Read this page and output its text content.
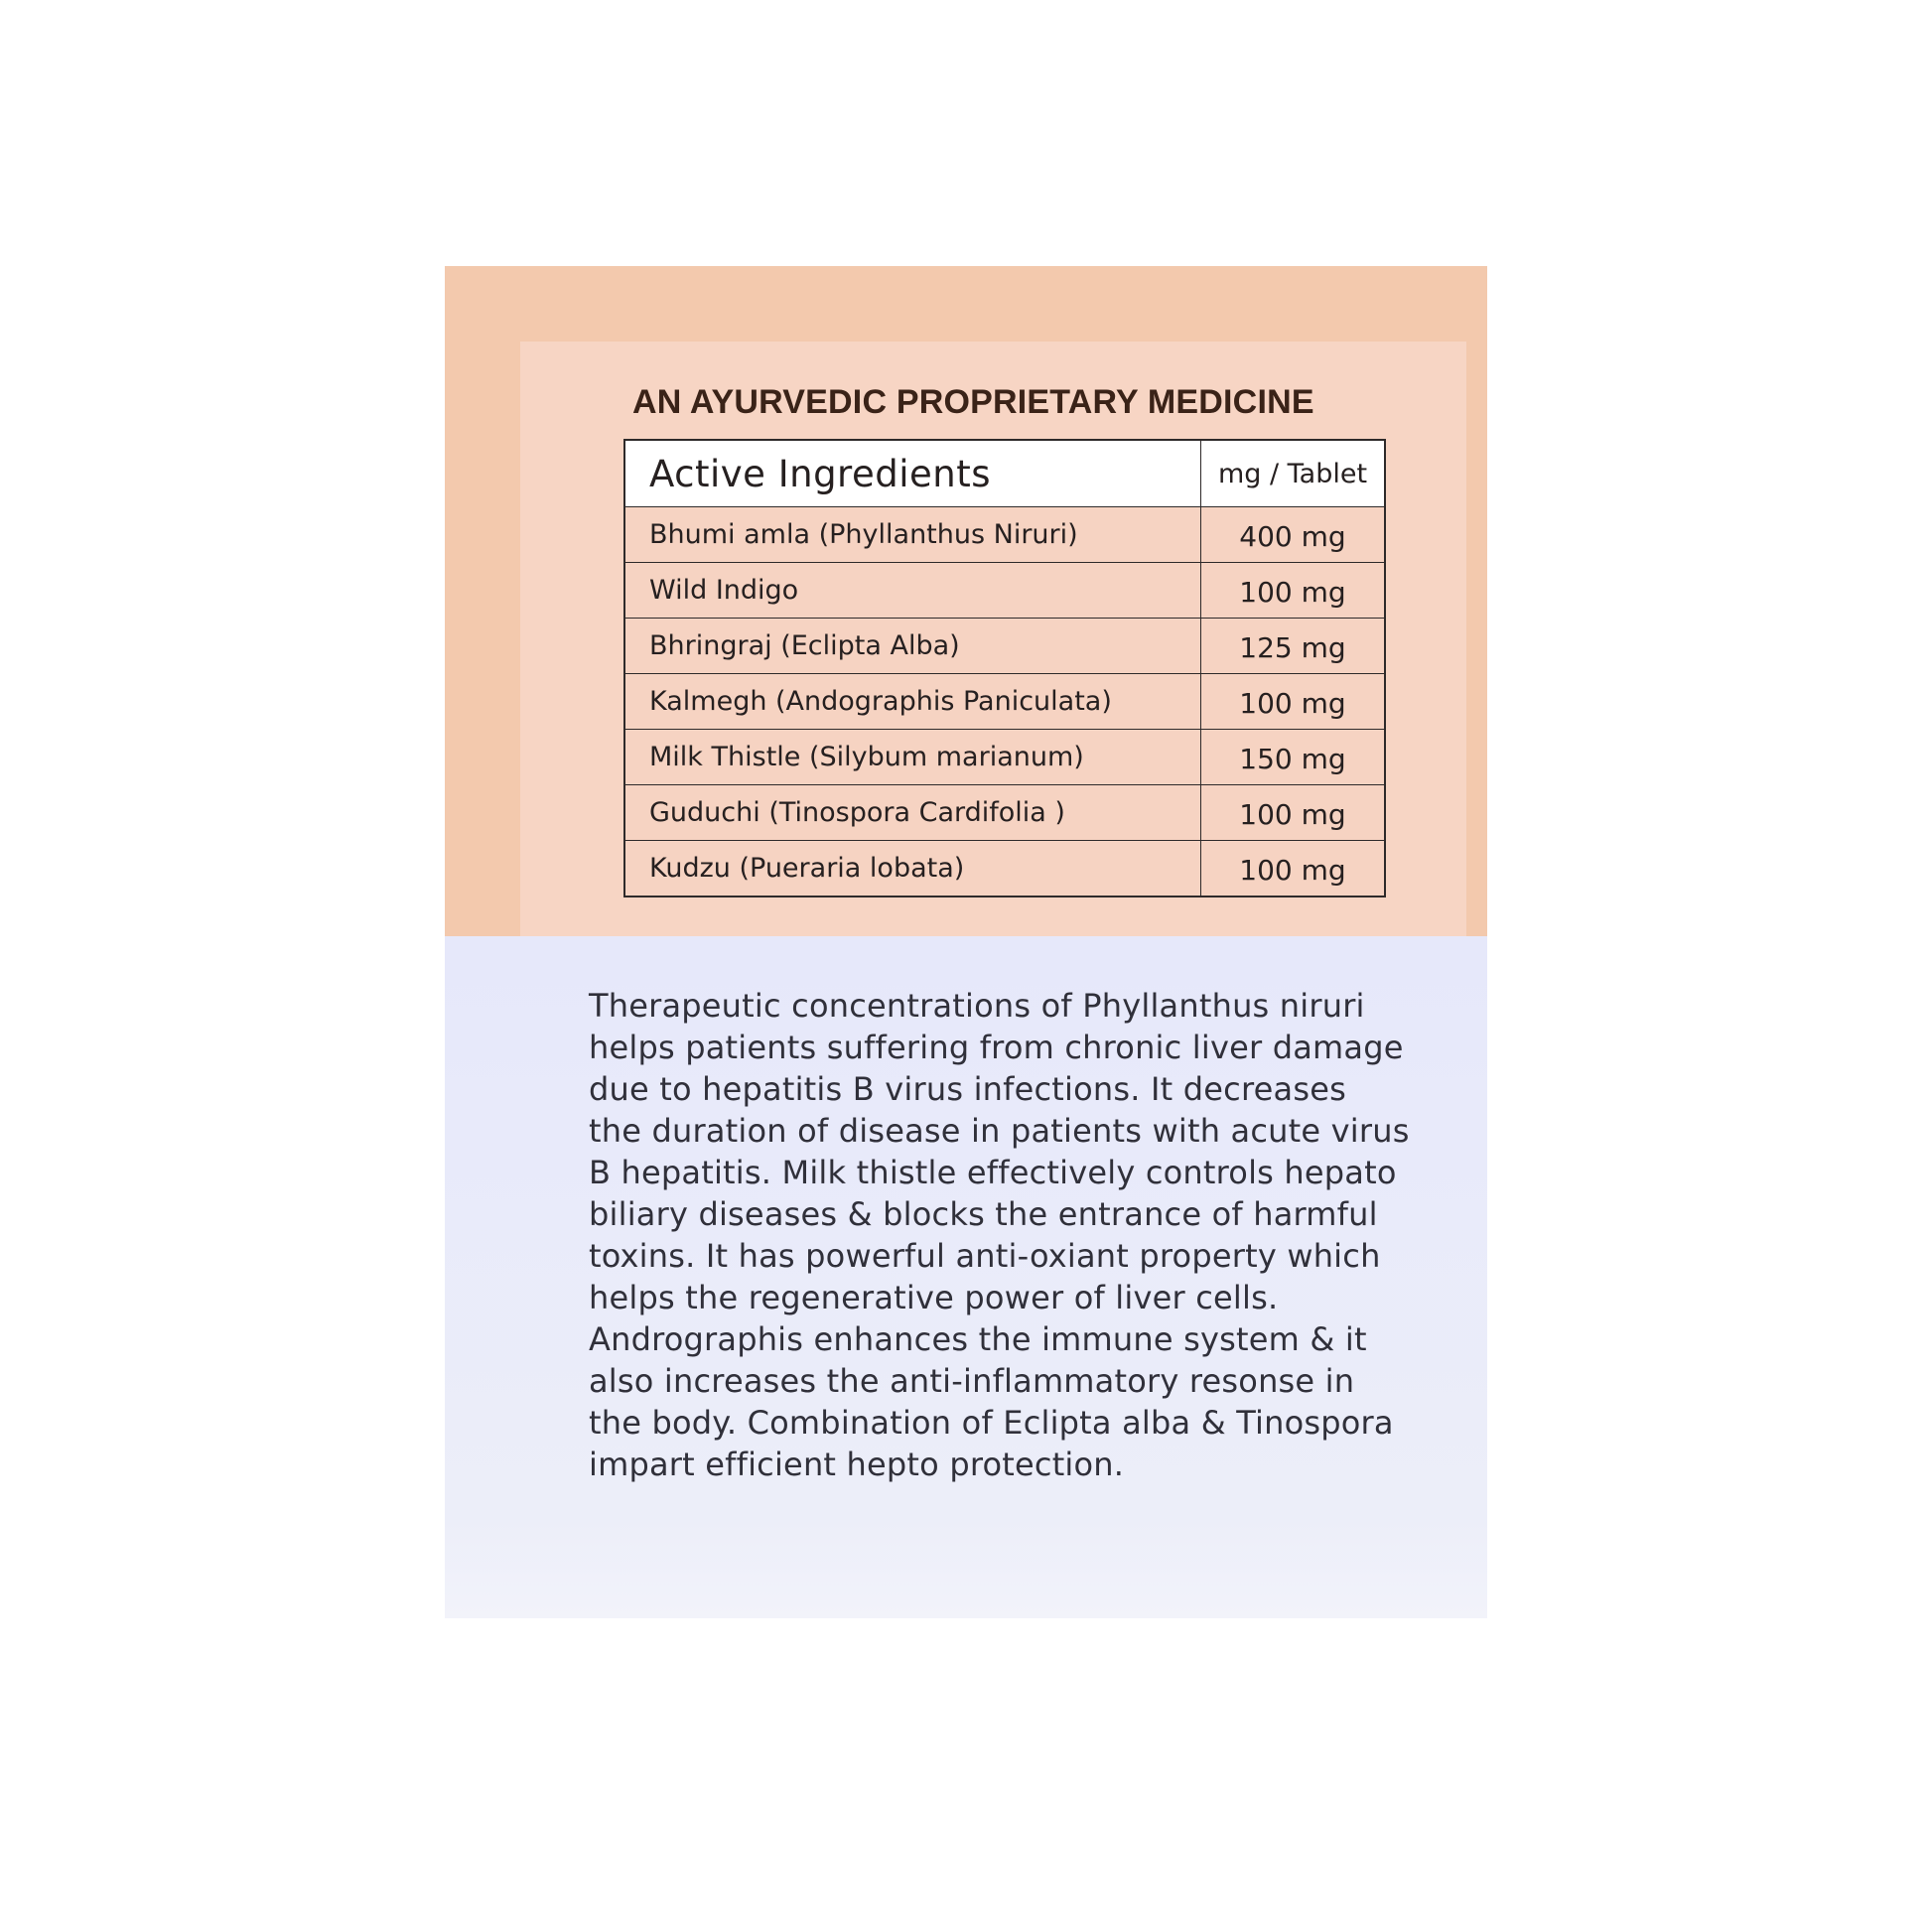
AN AYURVEDIC PROPRIETARY MEDICINE
Active Ingredients	mg / Tablet
Bhumi amla (Phyllanthus Niruri)	400 mg
Wild Indigo	100 mg
Bhringraj (Eclipta Alba)	125 mg
Kalmegh (Andographis Paniculata)	100 mg
Milk Thistle (Silybum marianum)	150 mg
Guduchi (Tinospora Cardifolia )	100 mg
Kudzu (Pueraria lobata)	100 mg

Therapeutic concentrations of Phyllanthus niruri

helps patients suffering from chronic liver damage

due to hepatitis B virus infections. It decreases

the duration of disease in patients with acute virus

B hepatitis. Milk thistle effectively controls hepato

biliary diseases & blocks the entrance of harmful

toxins. It has powerful anti-oxiant property which

helps the regenerative power of liver cells.

Andrographis enhances the immune system & it

also increases the anti-inflammatory resonse in

the body. Combination of Eclipta alba & Tinospora

impart efficient hepto protection.
